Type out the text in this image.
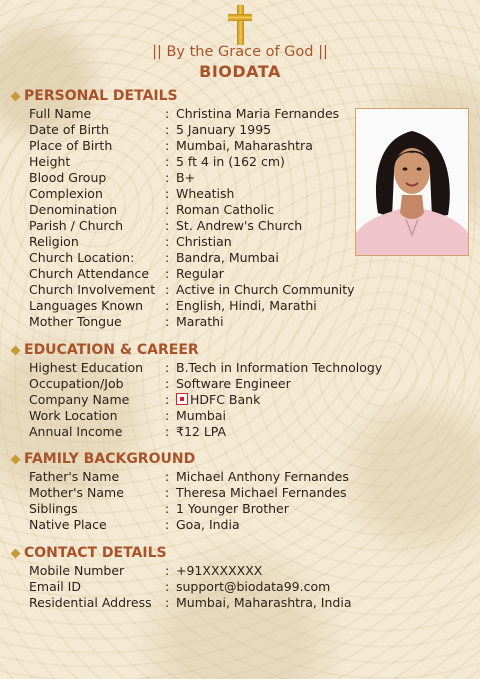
|| By the Grace of God ||
BIODATA
PERSONAL DETAILS
Full Name	: Christina Maria Fernandes
Date of Birth	: 5 January 1995
Place of Birth	: Mumbai, Maharashtra
Height	: 5 ft 4 in (162 cm)
Blood Group	: B+
Complexion	: Wheatish
Denomination	: Roman Catholic
Parish / Church	: St. Andrew's Church
Religion	: Christian
Church Location: : Bandra, Mumbai
Church Attendance : Regular
Church Involvement : Active in Church Community
Languages Known : English, Hindi, Marathi
Mother Tongue	: Marathi
EDUCATION & CAREER
Highest Education : B.Tech in Information Technology
Occupation/Job	: Software Engineer
Company Name	:	HDFC Bank
Work Location	: Mumbai
Annual Income	: ₹12 LPA
FAMILY BACKGROUND
Father's Name	: Michael Anthony Fernandes
Mother's Name	: Theresa Michael Fernandes
Siblings	: 1 Younger Brother
Native Place	: Goa, India
CONTACT DETAILS
Mobile Number	: +91XXXXXXX
Email ID	: support@biodata99.com
Residential Address : Mumbai, Maharashtra, India
